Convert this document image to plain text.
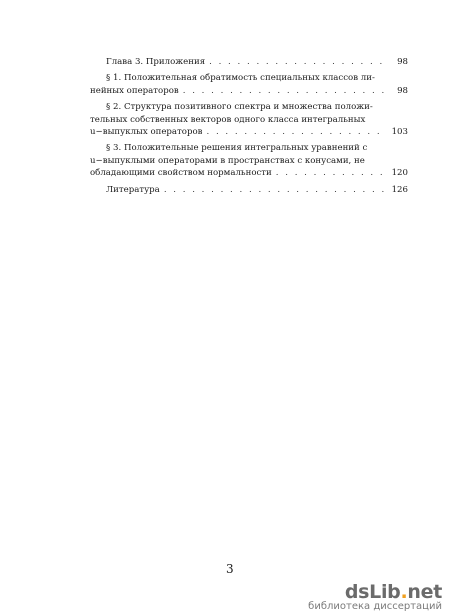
Глава 3. Приложения . . .	98
§ 1. Положительная обратимость специальных классов ли-
нейных операторов . . .	98
§ 2. Структура позитивного спектра и множества положи-
тельных собственных векторов одного класса интегральных
u−выпуклых операторов . . .	103
§ 3. Положительные решения интегральных уравнений с
u−выпуклыми операторами в пространствах с конусами, не
обладающими свойством нормальности . . .	120
Литература . . .	126
3
dsLib.net
библиотека диссертаций
